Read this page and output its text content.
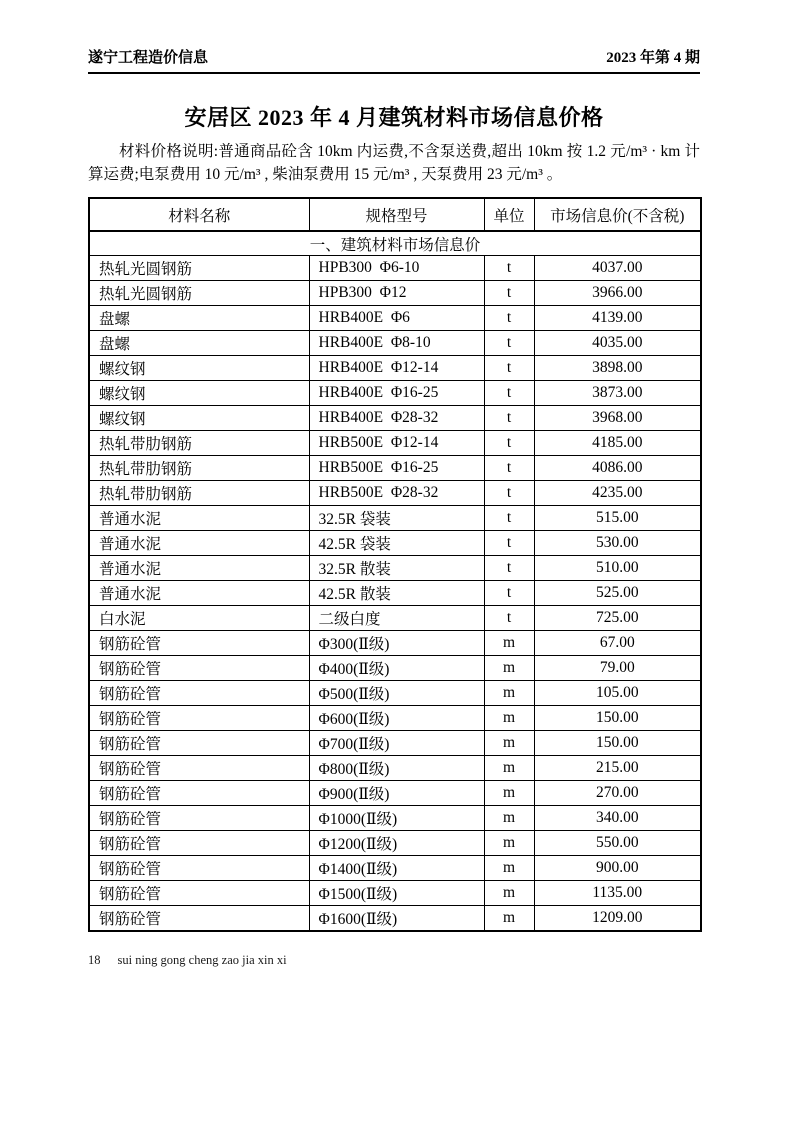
遂宁工程造价信息	2023 年第 4 期
安居区 2023 年 4 月建筑材料市场信息价格

材料价格说明:普通商品砼含 10km 内运费,不含泵送费,超出 10km 按 1.2 元/m³ · km 计算运费;电泵费用 10 元/m³ , 柴油泵费用 15 元/m³ , 天泵费用 23 元/m³ 。

材料名称	规格型号	单位	市场信息价(不含税)
一、建筑材料市场信息价			
热轧光圆钢筋	HPB300  Φ6-10	t	4037.00
热轧光圆钢筋	HPB300  Φ12	t	3966.00
盘螺	HRB400E  Φ6	t	4139.00
盘螺	HRB400E  Φ8-10	t	4035.00
螺纹钢	HRB400E  Φ12-14	t	3898.00
螺纹钢	HRB400E  Φ16-25	t	3873.00
螺纹钢	HRB400E  Φ28-32	t	3968.00
热轧带肋钢筋	HRB500E  Φ12-14	t	4185.00
热轧带肋钢筋	HRB500E  Φ16-25	t	4086.00
热轧带肋钢筋	HRB500E  Φ28-32	t	4235.00
普通水泥	32.5R 袋装	t	515.00
普通水泥	42.5R 袋装	t	530.00
普通水泥	32.5R 散装	t	510.00
普通水泥	42.5R 散装	t	525.00
白水泥	二级白度	t	725.00
钢筋砼管	Φ300(Ⅱ级)	m	67.00
钢筋砼管	Φ400(Ⅱ级)	m	79.00
钢筋砼管	Φ500(Ⅱ级)	m	105.00
钢筋砼管	Φ600(Ⅱ级)	m	150.00
钢筋砼管	Φ700(Ⅱ级)	m	150.00
钢筋砼管	Φ800(Ⅱ级)	m	215.00
钢筋砼管	Φ900(Ⅱ级)	m	270.00
钢筋砼管	Φ1000(Ⅱ级)	m	340.00
钢筋砼管	Φ1200(Ⅱ级)	m	550.00
钢筋砼管	Φ1400(Ⅱ级)	m	900.00
钢筋砼管	Φ1500(Ⅱ级)	m	1135.00
钢筋砼管	Φ1600(Ⅱ级)	m	1209.00
18 sui ning gong cheng zao jia xin xi
